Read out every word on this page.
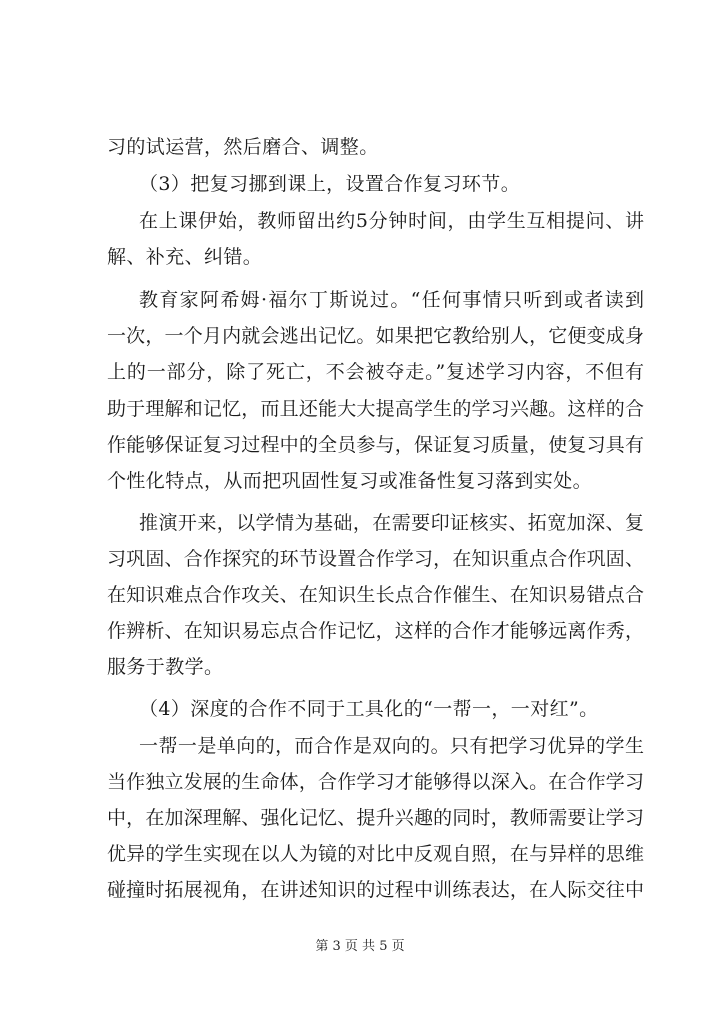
习的试运营，然后磨合、调整。
（3）把复习挪到课上，设置合作复习环节。
在上课伊始，教师留出约5分钟时间，由学生互相提问、讲
解、补充、纠错。
教育家阿希姆·福尔丁斯说过。“任何事情只听到或者读到
一次，一个月内就会逃出记忆。如果把它教给别人，它便变成身
上的一部分，除了死亡，不会被夺走。”复述学习内容，不但有
助于理解和记忆，而且还能大大提高学生的学习兴趣。这样的合
作能够保证复习过程中的全员参与，保证复习质量，使复习具有
个性化特点，从而把巩固性复习或准备性复习落到实处。
推演开来，以学情为基础，在需要印证核实、拓宽加深、复
习巩固、合作探究的环节设置合作学习，在知识重点合作巩固、
在知识难点合作攻关、在知识生长点合作催生、在知识易错点合
作辨析、在知识易忘点合作记忆，这样的合作才能够远离作秀，
服务于教学。
（4）深度的合作不同于工具化的“一帮一，一对红”。
一帮一是单向的，而合作是双向的。只有把学习优异的学生
当作独立发展的生命体，合作学习才能够得以深入。在合作学习
中，在加深理解、强化记忆、提升兴趣的同时，教师需要让学习
优异的学生实现在以人为镜的对比中反观自照，在与异样的思维
碰撞时拓展视角，在讲述知识的过程中训练表达，在人际交往中
第 3 页 共 5 页
